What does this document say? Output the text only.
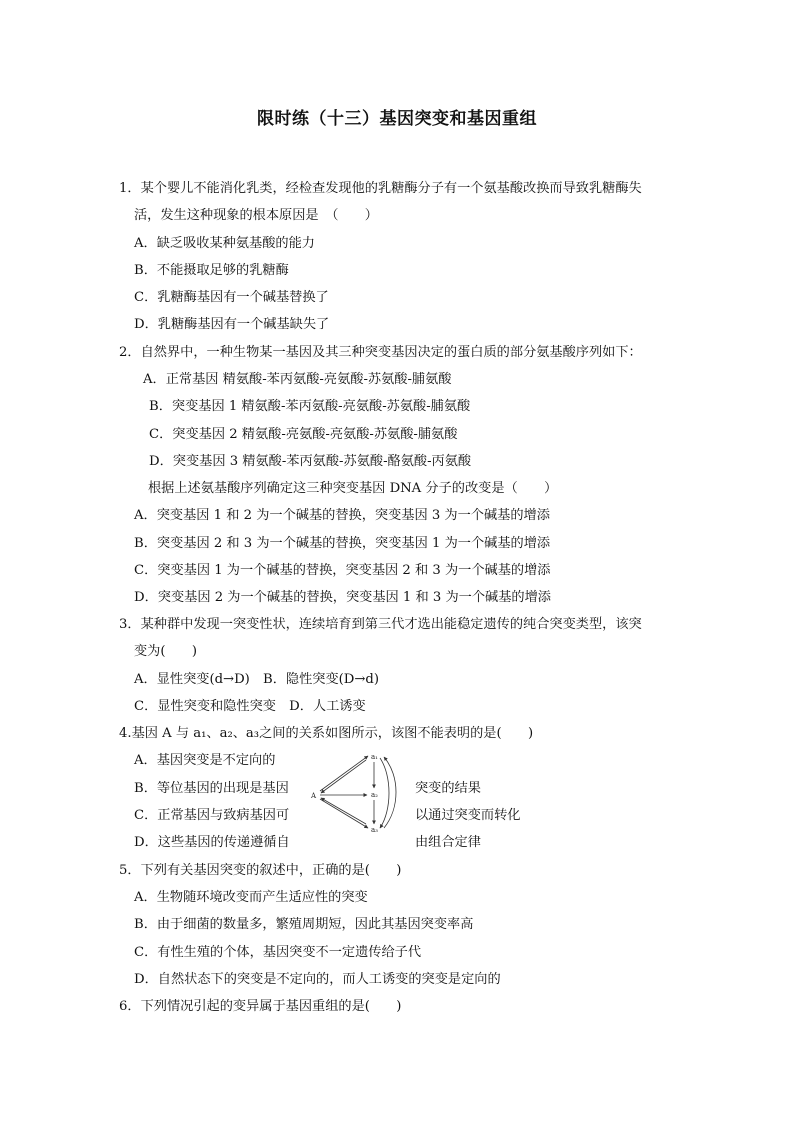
限时练（十三）基因突变和基因重组
1．某个婴儿不能消化乳类，经检查发现他的乳糖酶分子有一个氨基酸改换而导致乳糖酶失
活，发生这种现象的根本原因是　（　　）
A．缺乏吸收某种氨基酸的能力
B．不能摄取足够的乳糖酶
C．乳糖酶基因有一个碱基替换了
D．乳糖酶基因有一个碱基缺失了
2．自然界中，一种生物某一基因及其三种突变基因决定的蛋白质的部分氨基酸序列如下：
A．正常基因 精氨酸-苯丙氨酸-亮氨酸-苏氨酸-脯氨酸
B．突变基因 1 精氨酸-苯丙氨酸-亮氨酸-苏氨酸-脯氨酸
C．突变基因 2 精氨酸-亮氨酸-亮氨酸-苏氨酸-脯氨酸
D．突变基因 3 精氨酸-苯丙氨酸-苏氨酸-酪氨酸-丙氨酸
根据上述氨基酸序列确定这三种突变基因 DNA 分子的改变是（　　）
A．突变基因 1 和 2 为一个碱基的替换，突变基因 3 为一个碱基的增添
B．突变基因 2 和 3 为一个碱基的替换，突变基因 1 为一个碱基的增添
C．突变基因 1 为一个碱基的替换，突变基因 2 和 3 为一个碱基的增添
D．突变基因 2 为一个碱基的替换，突变基因 1 和 3 为一个碱基的增添
3．某种群中发现一突变性状，连续培育到第三代才选出能稳定遗传的纯合突变类型，该突
变为(　　)
A．显性突变(d→D)　B．隐性突变(D→d)
C．显性突变和隐性突变　D．人工诱变
4.基因 A 与 a₁、a₂、a₃之间的关系如图所示，该图不能表明的是(　　)
A．基因突变是不定向的
B．等位基因的出现是基因	突变的结果
C．正常基因与致病基因可	以通过突变而转化
D．这些基因的传递遵循自	由组合定律
A
a₁
a₂
a₃
5．下列有关基因突变的叙述中，正确的是(　　)
A．生物随环境改变而产生适应性的突变
B．由于细菌的数量多，繁殖周期短，因此其基因突变率高
C．有性生殖的个体，基因突变不一定遗传给子代
D．自然状态下的突变是不定向的，而人工诱变的突变是定向的
6．下列情况引起的变异属于基因重组的是(　　)
